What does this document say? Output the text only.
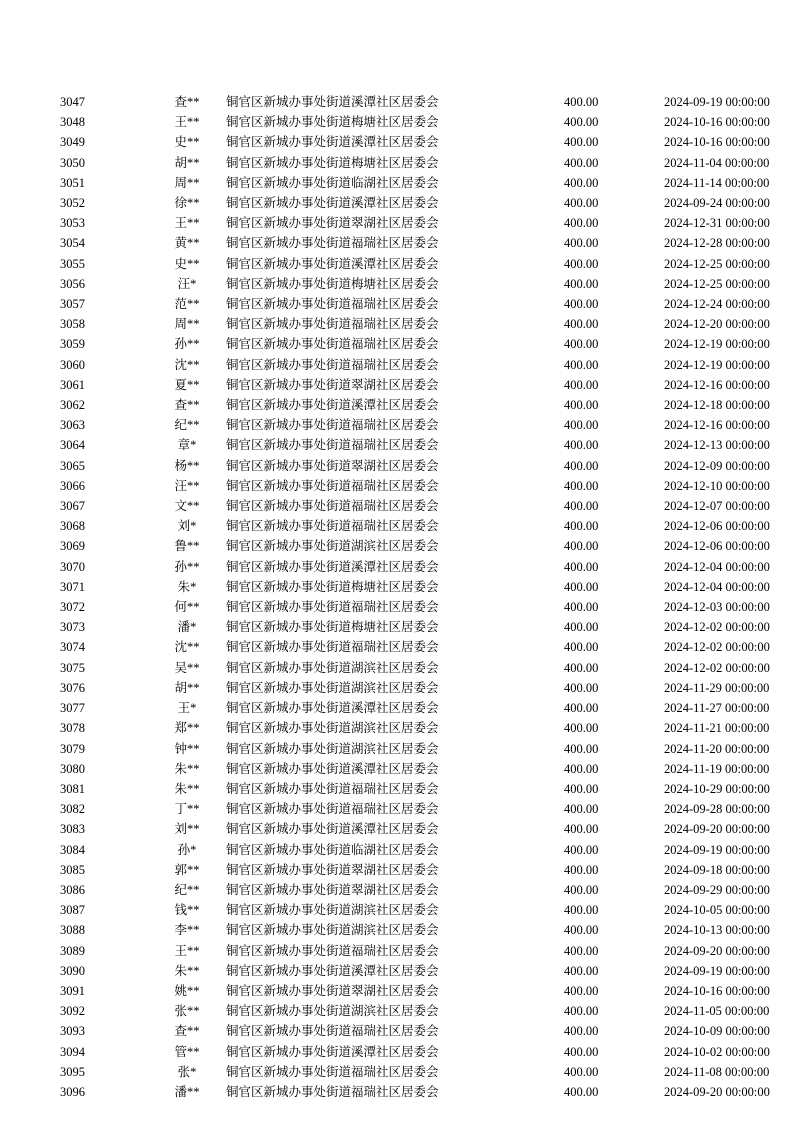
3047	查**	铜官区新城办事处街道溪潭社区居委会		400.00	2024-09-19 00:00:00
3048	王**	铜官区新城办事处街道梅塘社区居委会		400.00	2024-10-16 00:00:00
3049	史**	铜官区新城办事处街道溪潭社区居委会		400.00	2024-10-16 00:00:00
3050	胡**	铜官区新城办事处街道梅塘社区居委会		400.00	2024-11-04 00:00:00
3051	周**	铜官区新城办事处街道临湖社区居委会		400.00	2024-11-14 00:00:00
3052	徐**	铜官区新城办事处街道溪潭社区居委会		400.00	2024-09-24 00:00:00
3053	王**	铜官区新城办事处街道翠湖社区居委会		400.00	2024-12-31 00:00:00
3054	黄**	铜官区新城办事处街道福瑞社区居委会		400.00	2024-12-28 00:00:00
3055	史**	铜官区新城办事处街道溪潭社区居委会		400.00	2024-12-25 00:00:00
3056	汪*	铜官区新城办事处街道梅塘社区居委会		400.00	2024-12-25 00:00:00
3057	范**	铜官区新城办事处街道福瑞社区居委会		400.00	2024-12-24 00:00:00
3058	周**	铜官区新城办事处街道福瑞社区居委会		400.00	2024-12-20 00:00:00
3059	孙**	铜官区新城办事处街道福瑞社区居委会		400.00	2024-12-19 00:00:00
3060	沈**	铜官区新城办事处街道福瑞社区居委会		400.00	2024-12-19 00:00:00
3061	夏**	铜官区新城办事处街道翠湖社区居委会		400.00	2024-12-16 00:00:00
3062	查**	铜官区新城办事处街道溪潭社区居委会		400.00	2024-12-18 00:00:00
3063	纪**	铜官区新城办事处街道福瑞社区居委会		400.00	2024-12-16 00:00:00
3064	章*	铜官区新城办事处街道福瑞社区居委会		400.00	2024-12-13 00:00:00
3065	杨**	铜官区新城办事处街道翠湖社区居委会		400.00	2024-12-09 00:00:00
3066	汪**	铜官区新城办事处街道福瑞社区居委会		400.00	2024-12-10 00:00:00
3067	文**	铜官区新城办事处街道福瑞社区居委会		400.00	2024-12-07 00:00:00
3068	刘*	铜官区新城办事处街道福瑞社区居委会		400.00	2024-12-06 00:00:00
3069	鲁**	铜官区新城办事处街道湖滨社区居委会		400.00	2024-12-06 00:00:00
3070	孙**	铜官区新城办事处街道溪潭社区居委会		400.00	2024-12-04 00:00:00
3071	朱*	铜官区新城办事处街道梅塘社区居委会		400.00	2024-12-04 00:00:00
3072	何**	铜官区新城办事处街道福瑞社区居委会		400.00	2024-12-03 00:00:00
3073	潘*	铜官区新城办事处街道梅塘社区居委会		400.00	2024-12-02 00:00:00
3074	沈**	铜官区新城办事处街道福瑞社区居委会		400.00	2024-12-02 00:00:00
3075	吴**	铜官区新城办事处街道湖滨社区居委会		400.00	2024-12-02 00:00:00
3076	胡**	铜官区新城办事处街道湖滨社区居委会		400.00	2024-11-29 00:00:00
3077	王*	铜官区新城办事处街道溪潭社区居委会		400.00	2024-11-27 00:00:00
3078	郑**	铜官区新城办事处街道湖滨社区居委会		400.00	2024-11-21 00:00:00
3079	钟**	铜官区新城办事处街道湖滨社区居委会		400.00	2024-11-20 00:00:00
3080	朱**	铜官区新城办事处街道溪潭社区居委会		400.00	2024-11-19 00:00:00
3081	朱**	铜官区新城办事处街道福瑞社区居委会		400.00	2024-10-29 00:00:00
3082	丁**	铜官区新城办事处街道福瑞社区居委会		400.00	2024-09-28 00:00:00
3083	刘**	铜官区新城办事处街道溪潭社区居委会		400.00	2024-09-20 00:00:00
3084	孙*	铜官区新城办事处街道临湖社区居委会		400.00	2024-09-19 00:00:00
3085	郭**	铜官区新城办事处街道翠湖社区居委会		400.00	2024-09-18 00:00:00
3086	纪**	铜官区新城办事处街道翠湖社区居委会		400.00	2024-09-29 00:00:00
3087	钱**	铜官区新城办事处街道湖滨社区居委会		400.00	2024-10-05 00:00:00
3088	李**	铜官区新城办事处街道湖滨社区居委会		400.00	2024-10-13 00:00:00
3089	王**	铜官区新城办事处街道福瑞社区居委会		400.00	2024-09-20 00:00:00
3090	朱**	铜官区新城办事处街道溪潭社区居委会		400.00	2024-09-19 00:00:00
3091	姚**	铜官区新城办事处街道翠湖社区居委会		400.00	2024-10-16 00:00:00
3092	张**	铜官区新城办事处街道湖滨社区居委会		400.00	2024-11-05 00:00:00
3093	查**	铜官区新城办事处街道福瑞社区居委会		400.00	2024-10-09 00:00:00
3094	管**	铜官区新城办事处街道溪潭社区居委会		400.00	2024-10-02 00:00:00
3095	张*	铜官区新城办事处街道福瑞社区居委会		400.00	2024-11-08 00:00:00
3096	潘**	铜官区新城办事处街道福瑞社区居委会		400.00	2024-09-20 00:00:00
